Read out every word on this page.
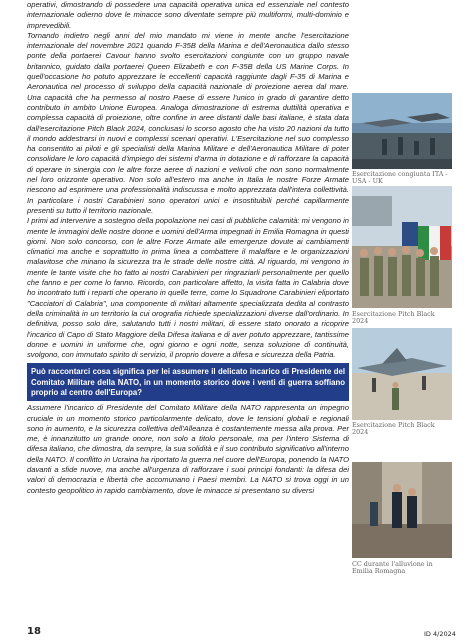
operativi, dimostrando di possedere una capacità operativa unica ed essenziale nel contesto internazionale odierno dove le minacce sono diventate sempre più multiformi, multi-dominio e imprevedibili.

Tornando indietro negli anni del mio mandato mi viene in mente anche l'esercitazione internazionale del novembre 2021 quando F-35B della Marina e dell'Aeronautica dallo stesso ponte della portaerei Cavour hanno svolto esercitazioni congiunte con un gruppo navale britannico, guidato dalla portaerei Queen Elizabeth e con F-35B della US Marine Corps. In quell'occasione ho potuto apprezzare le eccellenti capacità raggiunte dagli F-35 di Marina e Aeronautica nel processo di sviluppo della capacità nazionale di proiezione aerea dal mare. Una capacità che ha permesso al nostro Paese di essere l'unico in grado di garantire detto contributo in ambito Unione Europea. Analoga dimostrazione di estrema duttilità operativa e complessa capacità di proiezione, oltre confine in aree distanti dalle basi italiane, è stata data dall'esercitazione Pitch Black 2024, conclusasi lo scorso agosto che ha visto 20 nazioni da tutto il mondo addestrarsi in nuovi e complessi scenari operativi. L'Esercitazione nel suo complesso ha consentito ai piloti e gli specialisti della Marina Militare e dell'Aeronautica Militare di poter consolidare le loro capacità d'impiego dei sistemi d'arma in dotazione e di rafforzare la capacità di operare in sinergia con le altre forze aeree di nazioni e velivoli che non sono normalmente nel loro orizzonte operativo. Non solo all'estero ma anche in Italia le nostre Forze Armate riescono ad esprimere una professionalità indiscussa e molto apprezzata dall'intera collettività. In particolare i nostri Carabinieri sono operatori unici e insostituibili perché capillarmente presenti su tutto il territorio nazionale.

I primi ad intervenire a sostegno della popolazione nei casi di pubbliche calamità: mi vengono in mente le immagini delle nostre donne e uomini dell'Arma impegnati in Emilia Romagna in questi giorni. Non solo concorso, con le altre Forze Armate alle emergenze dovute ai cambiamenti climatici ma anche e soprattutto in prima linea a combattere il malaffare e le organizzazioni malavitose che minano la sicurezza tra le strade delle nostre città. Al riguardo, mi vengono in mente le tante visite che ho fatto ai nostri Carabinieri per ringraziarli personalmente per quello che fanno e per come lo fanno. Ricordo, con particolare affetto, la visita fatta in Calabria dove ho incontrato tutti i reparti che operano in quelle terre, come lo Squadrone Carabinieri eliportato "Cacciatori di Calabria", una componente di militari altamente specializzata dedita al contrasto della criminalità in un territorio la cui orografia richiede specializzazioni diverse dall'ordinario. In definitiva, posso solo dire, salutando tutti i nostri militari, di essere stato onorato a ricoprire l'incarico di Capo di Stato Maggiore della Difesa italiana e di aver potuto apprezzare, tantissime donne e uomini in uniforme che, ogni giorno e ogni notte, senza soluzione di continuità, svolgono, con immutato spirito di servizio, il proprio dovere a difesa e sicurezza della Patria.

Può raccontarci cosa significa per lei assumere il delicato incarico di Presidente del Comitato Militare della NATO, in un momento storico dove i venti di guerra soffiano proprio al centro dell'Europa?

Assumere l'incarico di Presidente del Comitato Militare della NATO rappresenta un impegno cruciale in un momento storico particolarmente delicato, dove le tensioni globali e regionali sono in aumento, e la sicurezza collettiva dell'Alleanza è costantemente messa alla prova. Per me, è innanzitutto un grande onore, non solo a titolo personale, ma per l'intero Sistema di difesa italiano, che dimostra, da sempre, la sua solidità e il suo contributo significativo all'interno della NATO. Il conflitto in Ucraina ha riportato la guerra nel cuore dell'Europa, ponendo la NATO davanti a sfide nuove, ma anche all'urgenza di rafforzare i suoi principi fondanti: la difesa dei valori di democrazia e libertà che accomunano i Paesi membri. La NATO si trova oggi in un contesto geopolitico in rapido cambiamento, dove le minacce si presentano su diversi

Esercitazione congiunta ITA - USA - UK
Esercitazione Pitch Black 2024
Esercitazione Pitch Black 2024
CC durante l'alluvione in Emilia Romagna
18	ID 4/2024
